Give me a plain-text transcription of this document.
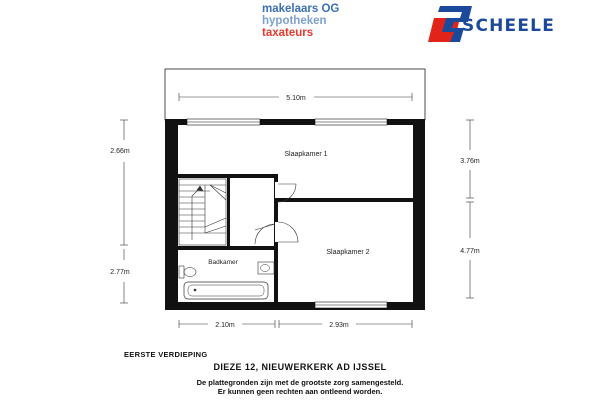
makelaars OG
hypotheken
taxateurs	SCHEELE
Slaapkamer 1
Slaapkamer 2
Badkamer
5.10m
2.66m
2.77m
3.76m
4.77m
2.10m	2.93m
EERSTE VERDIEPING
DIEZE 12, NIEUWERKERK AD IJSSEL
De plattegronden zijn met de grootste zorg samengesteld.
Er kunnen geen rechten aan ontleend worden.
